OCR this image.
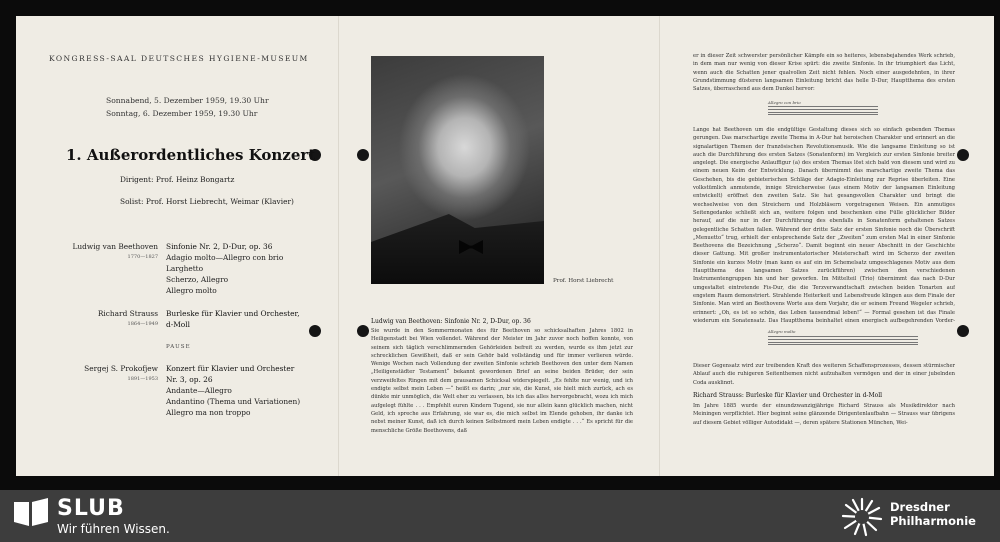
KONGRESS-SAAL DEUTSCHES HYGIENE-MUSEUM
Sonnabend, 5. Dezember 1959, 19.30 Uhr
Sonntag, 6. Dezember 1959, 19.30 Uhr
1. Außerordentliches Konzert
Dirigent: Prof. Heinz Bongartz
Solist: Prof. Horst Liebrecht, Weimar (Klavier)
Ludwig van Beethoven
1770—1827
Sinfonie Nr. 2, D-Dur, op. 36
Adagio molto—Allegro con brio
Larghetto
Scherzo, Allegro
Allegro molto
Richard Strauss
1864—1949
Burleske für Klavier und Orchester,
d-Moll
PAUSE
Sergej S. Prokofjew
1891—1953
Konzert für Klavier und Orchester
Nr. 3, op. 26
Andante—Allegro
Andantino (Thema und Variationen)
Allegro ma non troppo
Prof. Horst Liebrecht
Ludwig van Beethoven: Sinfonie Nr. 2, D-Dur, op. 36
Sie wurde in den Sommermonaten des für Beethoven so schicksalhaften Jahres 1802 in Heiligenstadt bei Wien vollendet. Während der Meister im Jahr zuvor noch hoffen konnte, von seinem sich täglich verschlimmernden Gehörleiden befreit zu werden, wurde es ihm jetzt zur schrecklichen Gewißheit, daß er sein Gehör bald vollständig und für immer verlieren würde. Wenige Wochen nach Vollendung der zweiten Sinfonie schrieb Beethoven den unter dem Namen „Heiligenstädter Testament“ bekannt gewordenen Brief an seine beiden Brüder, der sein verzweifeltes Ringen mit dem grausamen Schicksal widerspiegelt. „Es fehlte nur wenig, und ich endigte selbst mein Leben —“ heißt es darin; „nur sie, die Kunst, sie hielt mich zurück, ach es dünkte mir unmöglich, die Welt eher zu verlassen, bis ich das alles hervorgebracht, wozu ich mich aufgelegt fühlte . . . Empfehlt euren Kindern Tugend, sie nur allein kann glücklich machen, nicht Geld, ich spreche aus Erfahrung, sie war es, die mich selbst im Elende gehoben, ihr danke ich nebst meiner Kunst, daß ich durch keinen Selbstmord mein Leben endigte . . .“ Es spricht für die menschliche Größe Beethovens, daß
er in dieser Zeit schwerster persönlicher Kämpfe ein so heiteres, lebensbejahendes Werk schrieb, in dem man nur wenig von dieser Krise spürt: die zweite Sinfonie. In ihr triumphiert das Licht, wenn auch die Schatten jener qualvollen Zeit nicht fehlen. Noch einer ausgedehnten, in ihrer Grundstimmung düsteren langsamen Einleitung bricht das helle D-Dur, Hauptthema des ersten Satzes, überraschend aus dem Dunkel hervor:
Allegro con brio
Lange hat Beethoven um die endgültige Gestaltung dieses sich so einfach gebenden Themas gerungen. Das marschartige zweite Thema in A-Dur hat heroischen Charakter und erinnert an die signalartigen Themen der französischen Revolutionsmusik. Wie die langsame Einleitung so ist auch die Durchführung des ersten Satzes (Sonatenform) im Vergleich zur ersten Sinfonie breiter angelegt. Die energische Anlauffigur (a) des ersten Themas löst sich bald von diesem und wird zu einem neuen Keim der Entwicklung. Danach übernimmt das marschartige zweite Thema das Geschehen, bis die gebieterischen Schläge der Adagio-Einleitung zur Reprise überleiten. Eine volkstümlich anmutende, innige Streicherweise (aus einem Motiv der langsamen Einleitung entwickelt) eröffnet den zweiten Satz. Sie hat gesangsvollen Charakter und bringt die wechselweise von den Streichern und Holzbläsern vorgetragenen Weisen. Ein anmutiges Seitengedanke schließt sich an, weitere folgen und beschenken eine Fülle glücklicher Bilder herauf, auf die nur in der Durchführung des ebenfalls in Sonatenform gehaltenen Satzes gelegentliche Schatten fallen. Während der dritte Satz der ersten Sinfonie noch die Überschrift „Menuetto“ trug, erhielt der entsprechende Satz der „Zweiten“ zum ersten Mal in einer Sinfonie Beethovens die Bezeichnung „Scherzo“. Damit beginnt ein neuer Abschnitt in der Geschichte dieser Gattung. Mit großer instrumentatorischer Meisterschaft wird im Scherzo der zweiten Sinfonie ein kurzes Motiv (man kann es auf ein im Schemelsatz umgeschlagenes Motiv aus dem Hauptthema des langsamen Satzes zurückführen) zwischen den verschiedenen Instrumentengruppen hin und her geworfen. Im Mittelteil (Trio) übernimmt das nach D-Dur umgestaltet eintretende Fis-Dur, die die Terzverwandtschaft zwischen beiden Tonarten auf engstem Raum demonstriert. Strahlende Heiterkeit und Lebensfreude klingen aus dem Finale der Sinfonie. Man wird an Beethovens Worte aus dem Vorjahr, die er seinem Freund Wegeler schrieb, erinnert: „Oh, es ist so schön, das Leben tausendmal leben!“ — Formal gesehen ist das Finale wiederum ein Sonatensatz. Das Hauptthema beinhaltet einen energisch aufbegehrenden Vorder-
Allegro molto
Dieser Gegensatz wird zur treibenden Kraft des weiteren Schaffensprozesses, dessen stürmischer Ablauf auch die ruhigeren Seitenthemen nicht aufzuhalten vermögen und der in einer jubelnden Coda ausklingt.
Richard Strauss: Burleske für Klavier und Orchester in d-Moll
Im Jahre 1885 wurde der einundzwanzigjährige Richard Strauss als Musikdirektor nach Meiningen verpflichtet. Hier beginnt seine glänzende Dirigentenlaufbahn — Strauss war übrigens auf diesem Gebiet völliger Autodidakt —, deren spätere Stationen München, Wei-
SLUB
Wir führen Wissen.
Dresdner
Philharmonie
